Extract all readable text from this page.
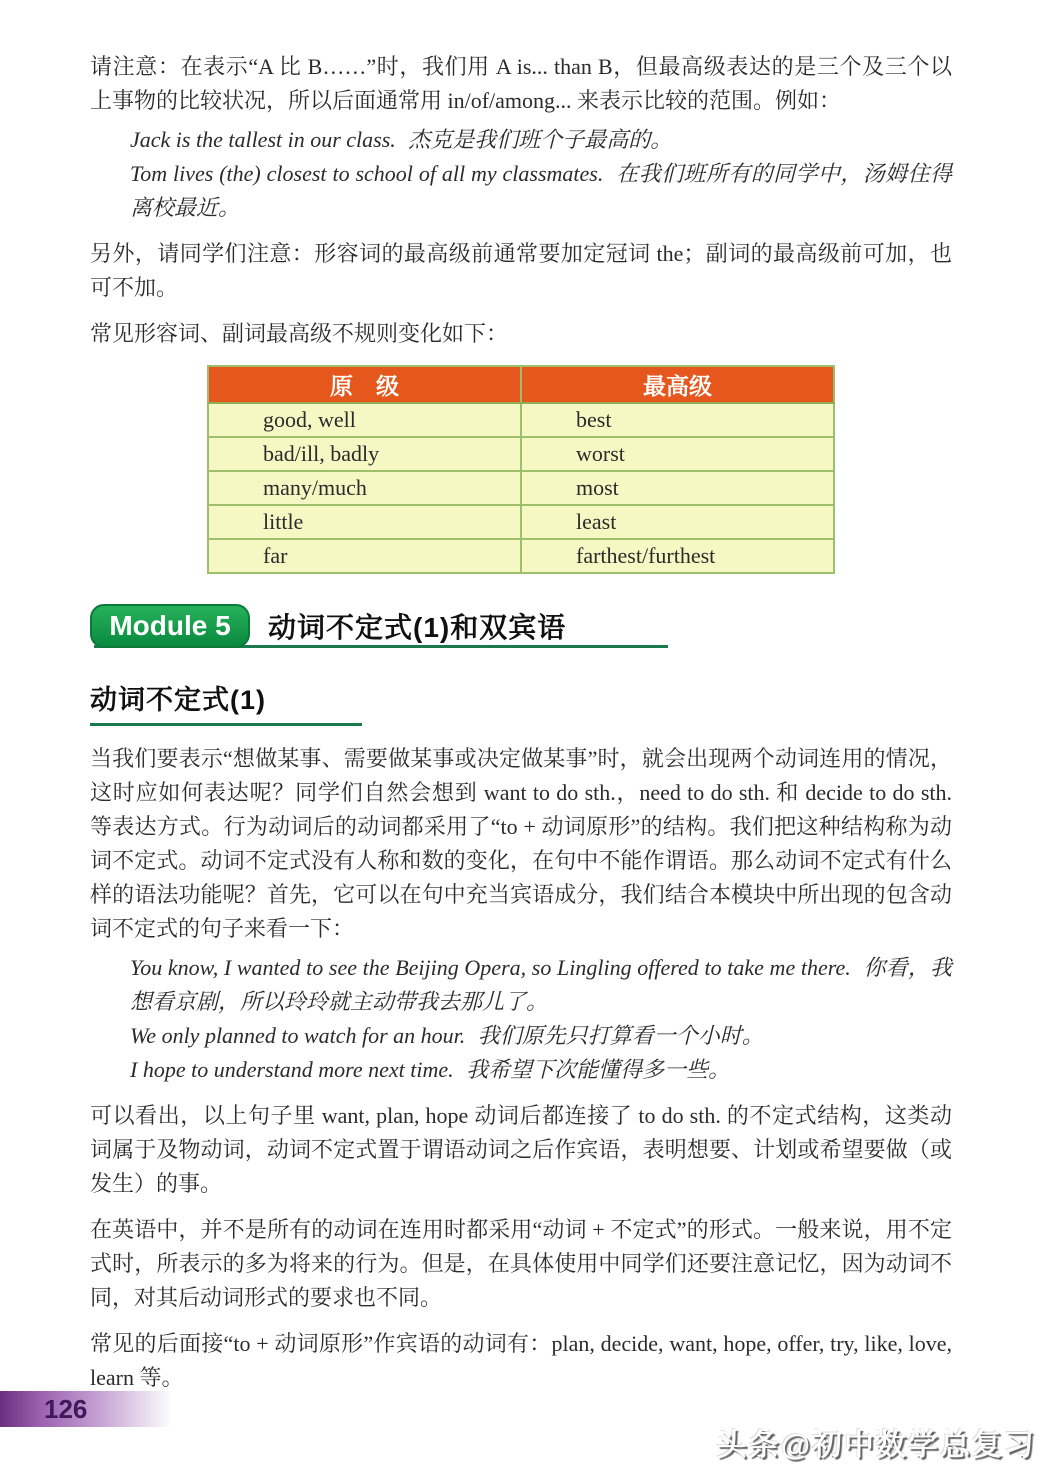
请注意：在表示“A 比 B……”时，我们用 A is... than B，但最高级表达的是三个及三个以上事物的比较状况，所以后面通常用 in/of/among... 来表示比较的范围。例如：

Jack is the tallest in our class. 杰克是我们班个子最高的。

Tom lives (the) closest to school of all my classmates. 在我们班所有的同学中，汤姆住得离校最近。

另外，请同学们注意：形容词的最高级前通常要加定冠词 the；副词的最高级前可加，也可不加。

常见形容词、副词最高级不规则变化如下：

原　级	最高级
good, well	best
bad/ill, badly	worst
many/much	most
little	least
far	farthest/furthest
Module 5	动词不定式(1)和双宾语
动词不定式(1)

当我们要表示“想做某事、需要做某事或决定做某事”时，就会出现两个动词连用的情况，这时应如何表达呢？同学们自然会想到 want to do sth.，need to do sth. 和 decide to do sth. 等表达方式。行为动词后的动词都采用了“to + 动词原形”的结构。我们把这种结构称为动词不定式。动词不定式没有人称和数的变化，在句中不能作谓语。那么动词不定式有什么样的语法功能呢？首先，它可以在句中充当宾语成分，我们结合本模块中所出现的包含动词不定式的句子来看一下：

You know, I wanted to see the Beijing Opera, so Lingling offered to take me there. 你看，我想看京剧，所以玲玲就主动带我去那儿了。

We only planned to watch for an hour. 我们原先只打算看一个小时。

I hope to understand more next time. 我希望下次能懂得多一些。

可以看出，以上句子里 want, plan, hope 动词后都连接了 to do sth. 的不定式结构，这类动词属于及物动词，动词不定式置于谓语动词之后作宾语，表明想要、计划或希望要做（或发生）的事。

在英语中，并不是所有的动词在连用时都采用“动词 + 不定式”的形式。一般来说，用不定式时，所表示的多为将来的行为。但是，在具体使用中同学们还要注意记忆，因为动词不同，对其后动词形式的要求也不同。

常见的后面接“to + 动词原形”作宾语的动词有：plan, decide, want, hope, offer, try, like, love, learn 等。

126
头条@初中数学总复习
